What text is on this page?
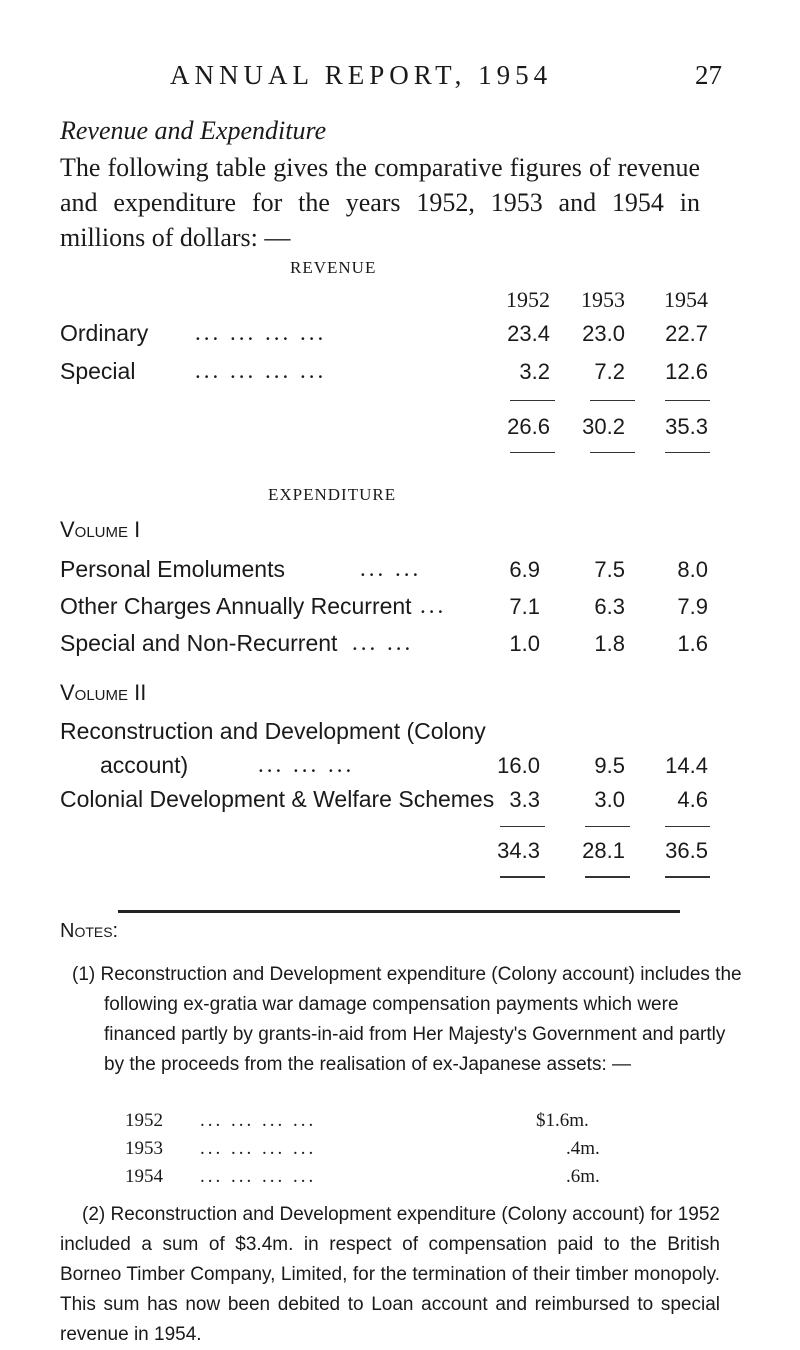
ANNUAL REPORT, 1954	27
Revenue and Expenditure
The following table gives the comparative figures of revenue and expenditure for the years 1952, 1953 and 1954 in millions of dollars: —
REVENUE
1952	1953	1954
Ordinary ... ... ... ...	23.4	23.0	22.7
Special	... ... ... ...	3.2	7.2	12.6
26.6	30.2	35.3
EXPENDITURE
Volume I
Personal Emoluments	... ...	6.9	7.5	8.0
Other Charges Annually Recurrent ...	7.1	6.3	7.9
Special and Non-Recurrent ... ...	1.0	1.8	1.6
Volume II
Reconstruction and Development (Colony
account)	... ... ...	16.0	9.5	14.4
Colonial Development & Welfare Schemes 3.3	3.0	4.6
34.3	28.1	36.5
Notes:
(1) Reconstruction and Development expenditure (Colony account) includes the following ex-gratia war damage compensation payments which were financed partly by grants-in-aid from Her Majesty's Government and partly by the proceeds from the realisation of ex-Japanese assets: —
1952 ... ... ... ...	$1.6m.
1953 ... ... ... ...	.4m.
1954 ... ... ... ...	.6m.
(2) Reconstruction and Development expenditure (Colony account) for 1952 included a sum of $3.4m. in respect of compensation paid to the British Borneo Timber Company, Limited, for the termination of their timber monopoly. This sum has now been debited to Loan account and reimbursed to special revenue in 1954.
